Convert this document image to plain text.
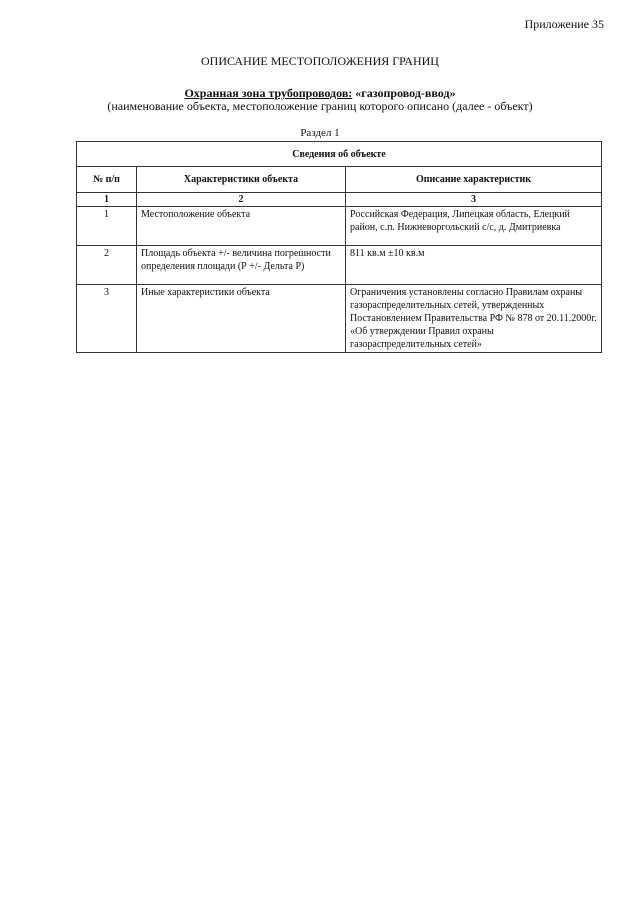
Приложение 35
ОПИСАНИЕ МЕСТОПОЛОЖЕНИЯ ГРАНИЦ
Охранная зона трубопроводов: «газопровод-ввод»
(наименование объекта, местоположение границ которого описано (далее - объект)
Раздел 1
Сведения об объекте		
№ п/п	Характеристики объекта	Описание характеристик
1	2	3
1	Местоположение объекта	Российская Федерация, Липецкая область, Елецкий район, с.п. Нижневоргольский с/с, д. Дмитриевка
2	Площадь объекта +/- величина погрешности определения площади (Р +/- Дельта Р)	811 кв.м ±10 кв.м
3	Иные характеристики объекта	Ограничения установлены согласно Правилам охраны газораспределительных сетей, утвержденных Постановлением Правительства РФ № 878 от 20.11.2000г. «Об утверждении Правил охраны газораспределительных сетей»
